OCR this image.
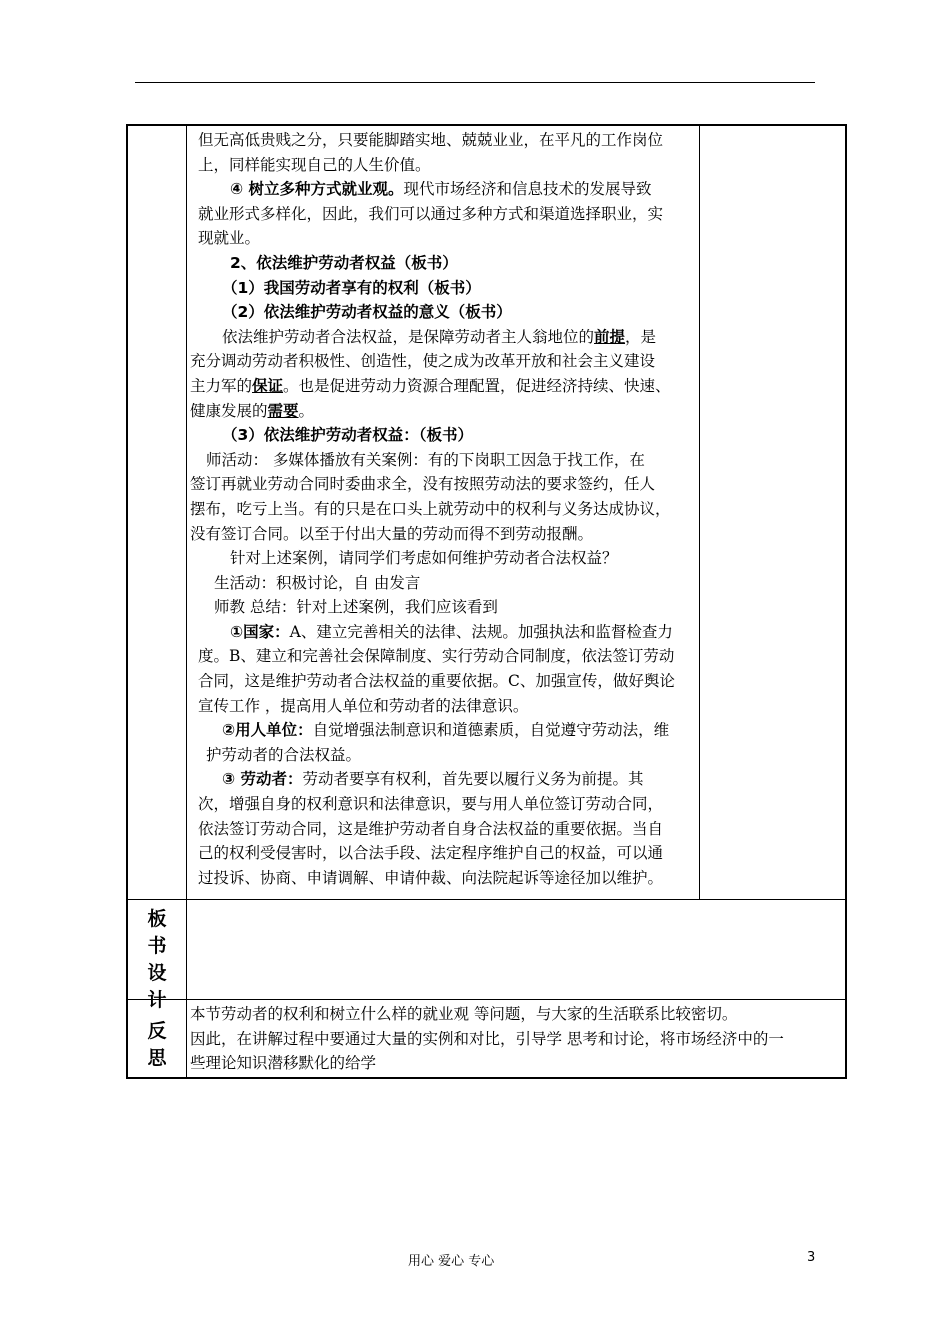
但无高低贵贱之分，只要能脚踏实地、兢兢业业，在平凡的工作岗位

上，同样能实现自己的人生价值。

④ 树立多种方式就业观。现代市场经济和信息技术的发展导致

就业形式多样化，因此，我们可以通过多种方式和渠道选择职业，实

现就业。

2、依法维护劳动者权益（板书）

（1）我国劳动者享有的权利（板书）

（2）依法维护劳动者权益的意义（板书）

依法维护劳动者合法权益，是保障劳动者主人翁地位的前提，是

充分调动劳动者积极性、创造性，使之成为改革开放和社会主义建设

主力军的保证。也是促进劳动力资源合理配置，促进经济持续、快速、

健康发展的需要。

（3）依法维护劳动者权益：（板书）

师活动： 多媒体播放有关案例：有的下岗职工因急于找工作，在

签订再就业劳动合同时委曲求全，没有按照劳动法的要求签约，任人

摆布，吃亏上当。有的只是在口头上就劳动中的权利与义务达成协议，

没有签订合同。以至于付出大量的劳动而得不到劳动报酬。

针对上述案例，请同学们考虑如何维护劳动者合法权益？

生活动：积极讨论，自 由发言

师教 总结：针对上述案例，我们应该看到

①国家：A、建立完善相关的法律、法规。加强执法和监督检查力

度。B、建立和完善社会保障制度、实行劳动合同制度，依法签订劳动

合同，这是维护劳动者合法权益的重要依据。C、加强宣传，做好舆论

宣传工作 ，提高用人单位和劳动者的法律意识。

②用人单位：自觉增强法制意识和道德素质，自觉遵守劳动法，维

护劳动者的合法权益。

③ 劳动者：劳动者要享有权利，首先要以履行义务为前提。其

次，增强自身的权利意识和法律意识，要与用人单位签订劳动合同，

依法签订劳动合同，这是维护劳动者自身合法权益的重要依据。当自

己的权利受侵害时，以合法手段、法定程序维护自己的权益，可以通

过投诉、协商、申请调解、申请仲裁、向法院起诉等途径加以维护。

板
书
设
计
反
思

本节劳动者的权利和树立什么样的就业观 等问题，与大家的生活联系比较密切。

因此，在讲解过程中要通过大量的实例和对比，引导学 思考和讨论，将市场经济中的一

些理论知识潜移默化的给学

用心 爱心 专心	3
